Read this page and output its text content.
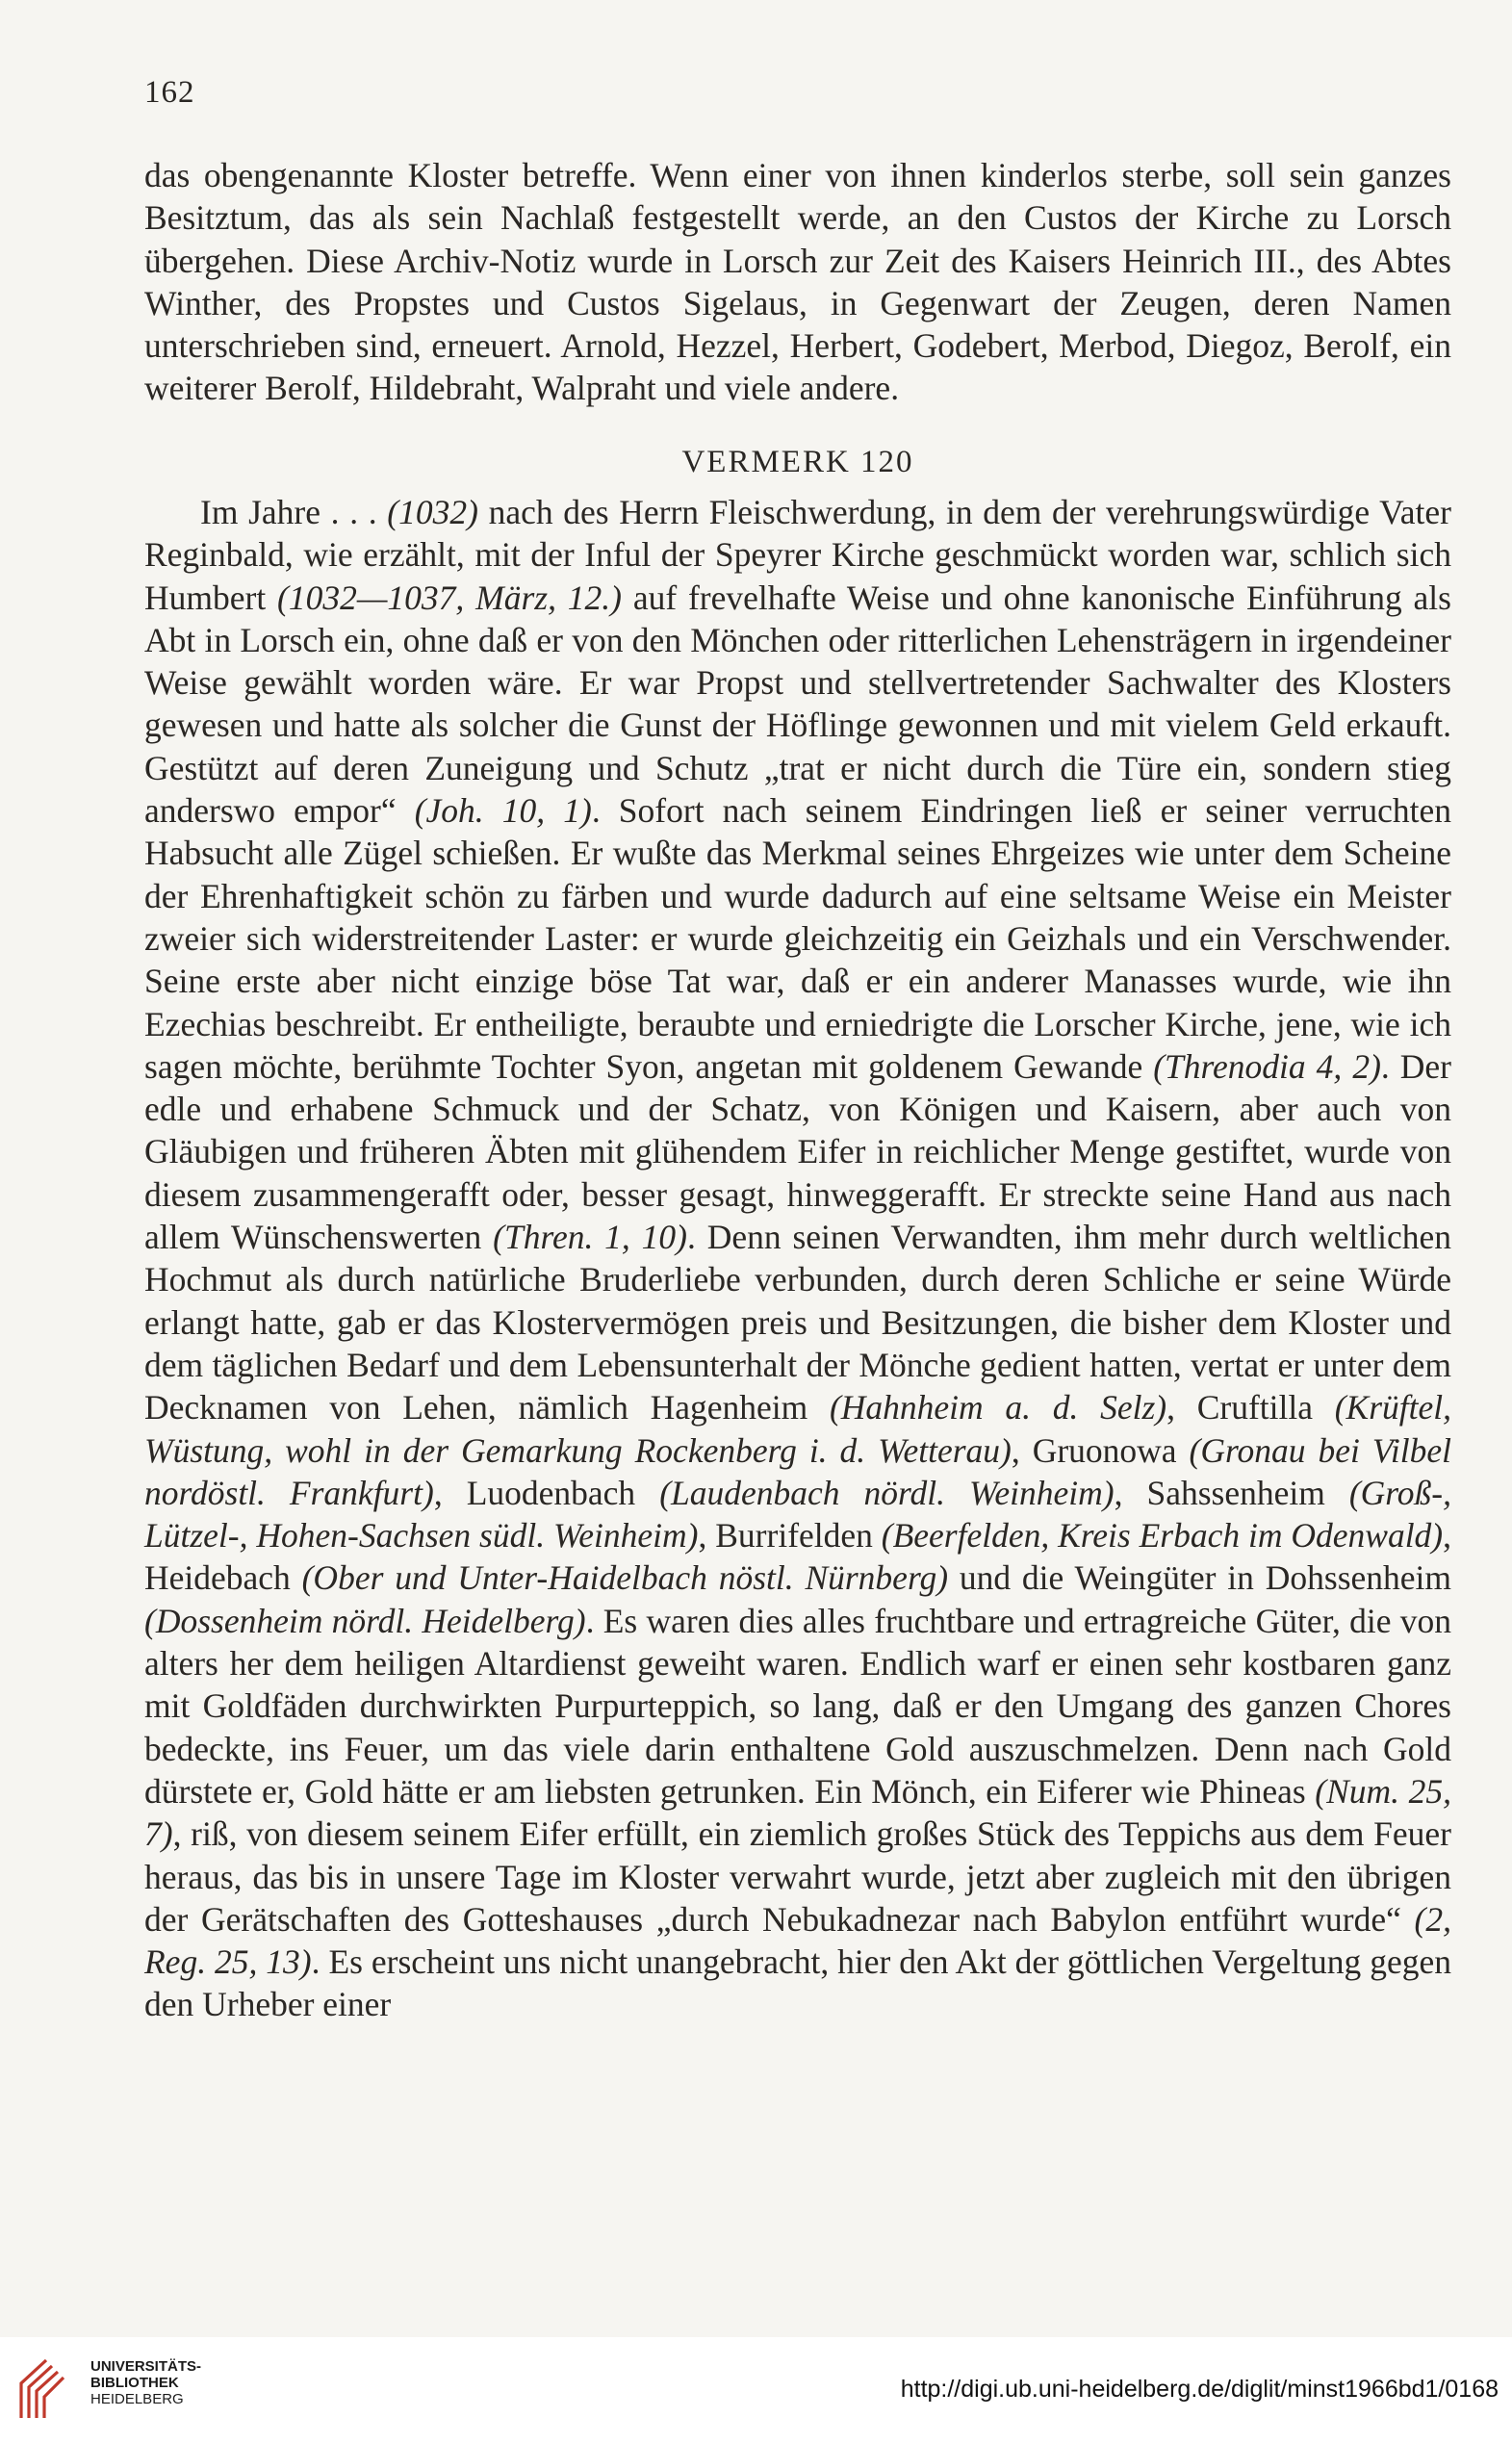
162

das obengenannte Kloster betreffe. Wenn einer von ihnen kinderlos sterbe, soll sein ganzes Besitztum, das als sein Nachlaß festgestellt werde, an den Custos der Kirche zu Lorsch übergehen. Diese Archiv-Notiz wurde in Lorsch zur Zeit des Kaisers Heinrich III., des Abtes Winther, des Propstes und Custos Sigelaus, in Gegenwart der Zeugen, deren Namen unterschrieben sind, erneuert. Arnold, Hezzel, Herbert, Godebert, Merbod, Diegoz, Berolf, ein weiterer Berolf, Hildebraht, Walpraht und viele andere.

VERMERK 120

Im Jahre . . . (1032) nach des Herrn Fleischwerdung, in dem der verehrungswürdige Vater Reginbald, wie erzählt, mit der Inful der Speyrer Kirche geschmückt worden war, schlich sich Humbert (1032—1037, März, 12.) auf frevelhafte Weise und ohne kanonische Einführung als Abt in Lorsch ein, ohne daß er von den Mönchen oder ritterlichen Lehensträgern in irgendeiner Weise gewählt worden wäre. Er war Propst und stellvertretender Sachwalter des Klosters gewesen und hatte als solcher die Gunst der Höflinge gewonnen und mit vielem Geld erkauft. Gestützt auf deren Zuneigung und Schutz „trat er nicht durch die Türe ein, sondern stieg anderswo empor“ (Joh. 10, 1). Sofort nach seinem Eindringen ließ er seiner verruchten Habsucht alle Zügel schießen. Er wußte das Merkmal seines Ehrgeizes wie unter dem Scheine der Ehrenhaftigkeit schön zu färben und wurde dadurch auf eine seltsame Weise ein Meister zweier sich widerstreitender Laster: er wurde gleichzeitig ein Geizhals und ein Verschwender. Seine erste aber nicht einzige böse Tat war, daß er ein anderer Manasses wurde, wie ihn Ezechias beschreibt. Er entheiligte, beraubte und erniedrigte die Lorscher Kirche, jene, wie ich sagen möchte, berühmte Tochter Syon, angetan mit goldenem Gewande (Threnodia 4, 2). Der edle und erhabene Schmuck und der Schatz, von Königen und Kaisern, aber auch von Gläubigen und früheren Äbten mit glühendem Eifer in reichlicher Menge gestiftet, wurde von diesem zusammengerafft oder, besser gesagt, hinweggerafft. Er streckte seine Hand aus nach allem Wünschenswerten (Thren. 1, 10). Denn seinen Verwandten, ihm mehr durch weltlichen Hochmut als durch natürliche Bruderliebe verbunden, durch deren Schliche er seine Würde erlangt hatte, gab er das Klostervermögen preis und Besitzungen, die bisher dem Kloster und dem täglichen Bedarf und dem Lebensunterhalt der Mönche gedient hatten, vertat er unter dem Decknamen von Lehen, nämlich Hagenheim (Hahnheim a. d. Selz), Cruftilla (Krüftel, Wüstung, wohl in der Gemarkung Rockenberg i. d. Wetterau), Gruonowa (Gronau bei Vilbel nordöstl. Frankfurt), Luodenbach (Laudenbach nördl. Weinheim), Sahssenheim (Groß-, Lützel-, Hohen-Sachsen südl. Weinheim), Burrifelden (Beerfelden, Kreis Erbach im Odenwald), Heidebach (Ober und Unter-Haidelbach nöstl. Nürnberg) und die Weingüter in Dohssenheim (Dossenheim nördl. Heidelberg). Es waren dies alles fruchtbare und ertragreiche Güter, die von alters her dem heiligen Altardienst geweiht waren. Endlich warf er einen sehr kostbaren ganz mit Goldfäden durchwirkten Purpurteppich, so lang, daß er den Umgang des ganzen Chores bedeckte, ins Feuer, um das viele darin enthaltene Gold auszuschmelzen. Denn nach Gold dürstete er, Gold hätte er am liebsten getrunken. Ein Mönch, ein Eiferer wie Phineas (Num. 25, 7), riß, von diesem seinem Eifer erfüllt, ein ziemlich großes Stück des Teppichs aus dem Feuer heraus, das bis in unsere Tage im Kloster verwahrt wurde, jetzt aber zugleich mit den übrigen der Gerätschaften des Gotteshauses „durch Nebukadnezar nach Babylon entführt wurde“ (2, Reg. 25, 13). Es erscheint uns nicht unangebracht, hier den Akt der göttlichen Vergeltung gegen den Urheber einer

UNIVERSITÄTS-
BIBLIOTHEK
HEIDELBERG	http://digi.ub.uni-heidelberg.de/diglit/minst1966bd1/0168
